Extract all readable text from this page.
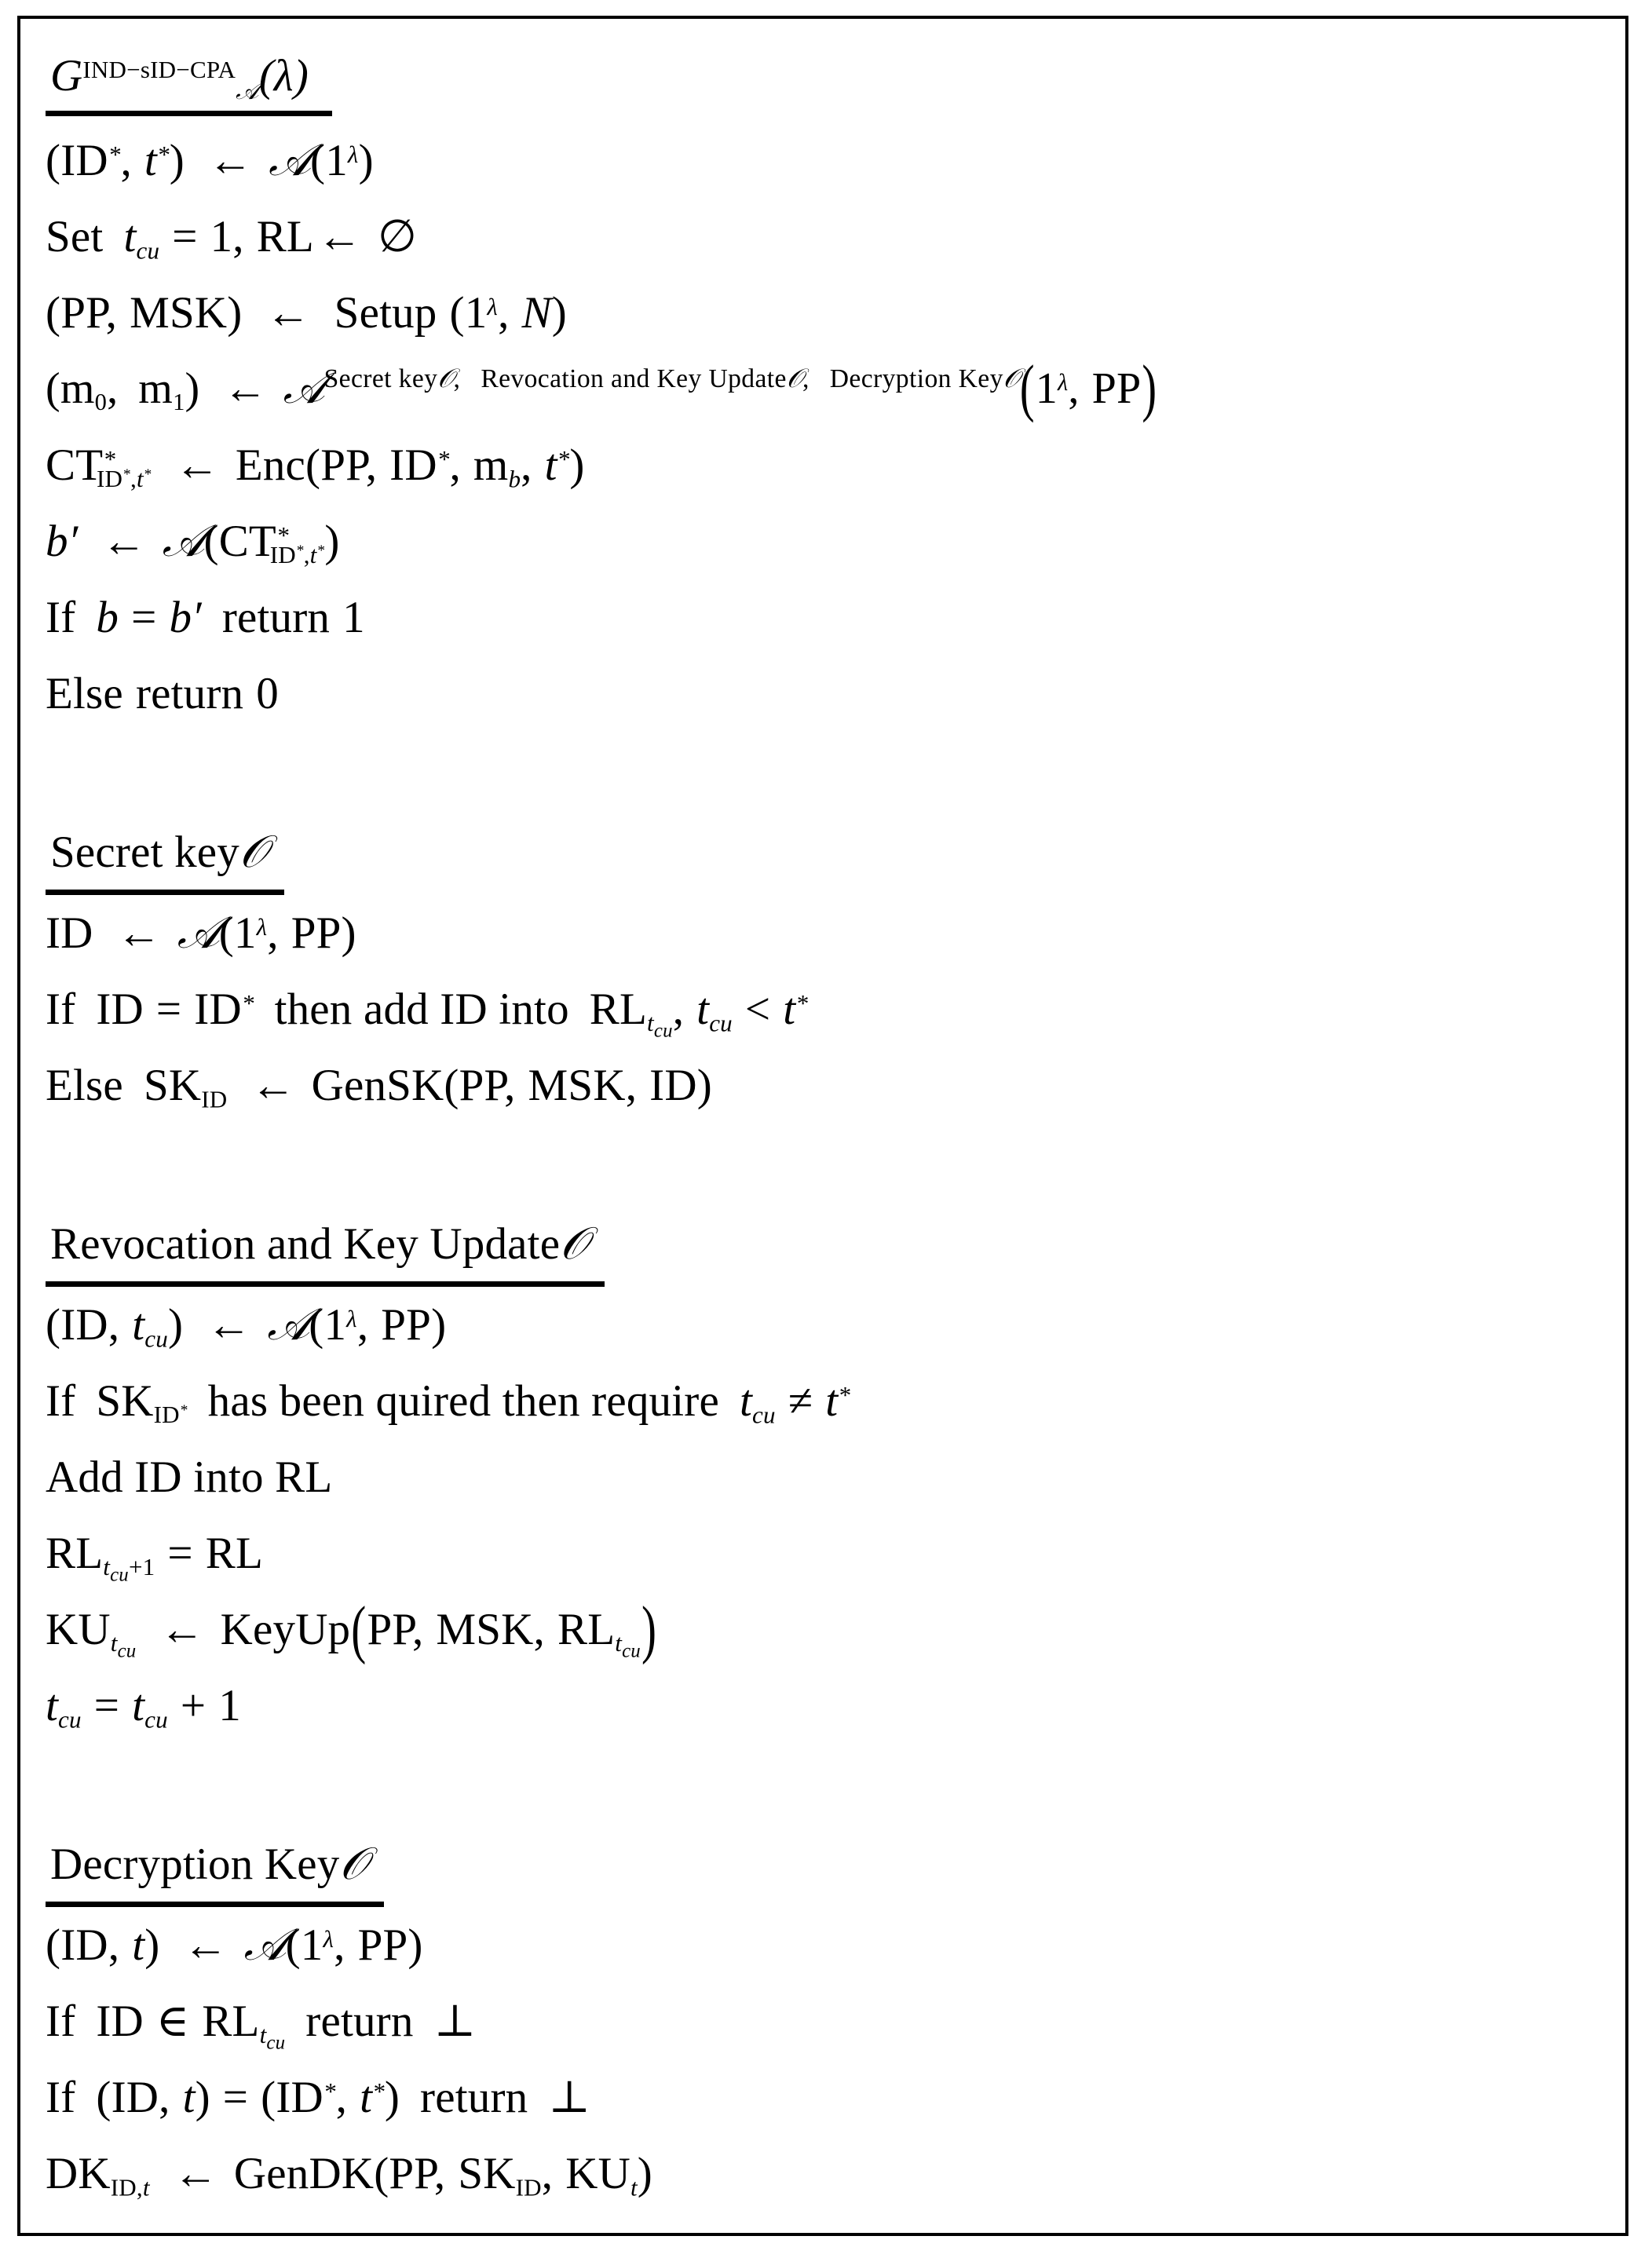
$G^{IND-sID-CPA}_𝒜(\lambda)$
(ID*, t*) ← $𝒜(1^\lambda)$
Set $t_{cu} = 1$, RL← ∅
(PP, MSK) ← Setup ($1^\lambda$, N)
($m_0$, $m_1$) ← $𝒜^{Secret key𝒪, Revocation and Key Update𝒪, Decryption Key𝒪}(1^\lambda$, PP)
$CT^*_{ID^*,t^*}$ ← Enc(PP, ID*, $m_b$, t*)
b′ ← $𝒜(CT^*_{ID^*,t^*})$
If b = b′ return 1
Else return 0
Secret key𝒪
ID ← $𝒜(1^\lambda$, PP)
If ID = ID* then add ID into $RL_{t_{cu}}$, $t_{cu} < t^*$
Else $SK_{ID}$ ← GenSK(PP, MSK, ID)
Revocation and Key Update𝒪
(ID, $t_{cu}$) ← $𝒜(1^\lambda$, PP)
If $SK_{ID^*}$ has been quired then require $t_{cu} \ne t^*$
Add ID into RL
$RL_{t_{cu}+1}$ = RL
$KU_{t_{cu}}$ ← KeyUp(PP, MSK, $RL_{t_{cu}}$)
$t_{cu} = t_{cu} + 1$
Decryption Key𝒪
(ID, t) ← $𝒜(1^\lambda$, PP)
If ID ∈ $RL_{t_{cu}}$ return ⊥
If (ID, t) = (ID*, t*) return ⊥
$DK_{ID,t}$ ← GenDK(PP, $SK_{ID}$, $KU_t$)
